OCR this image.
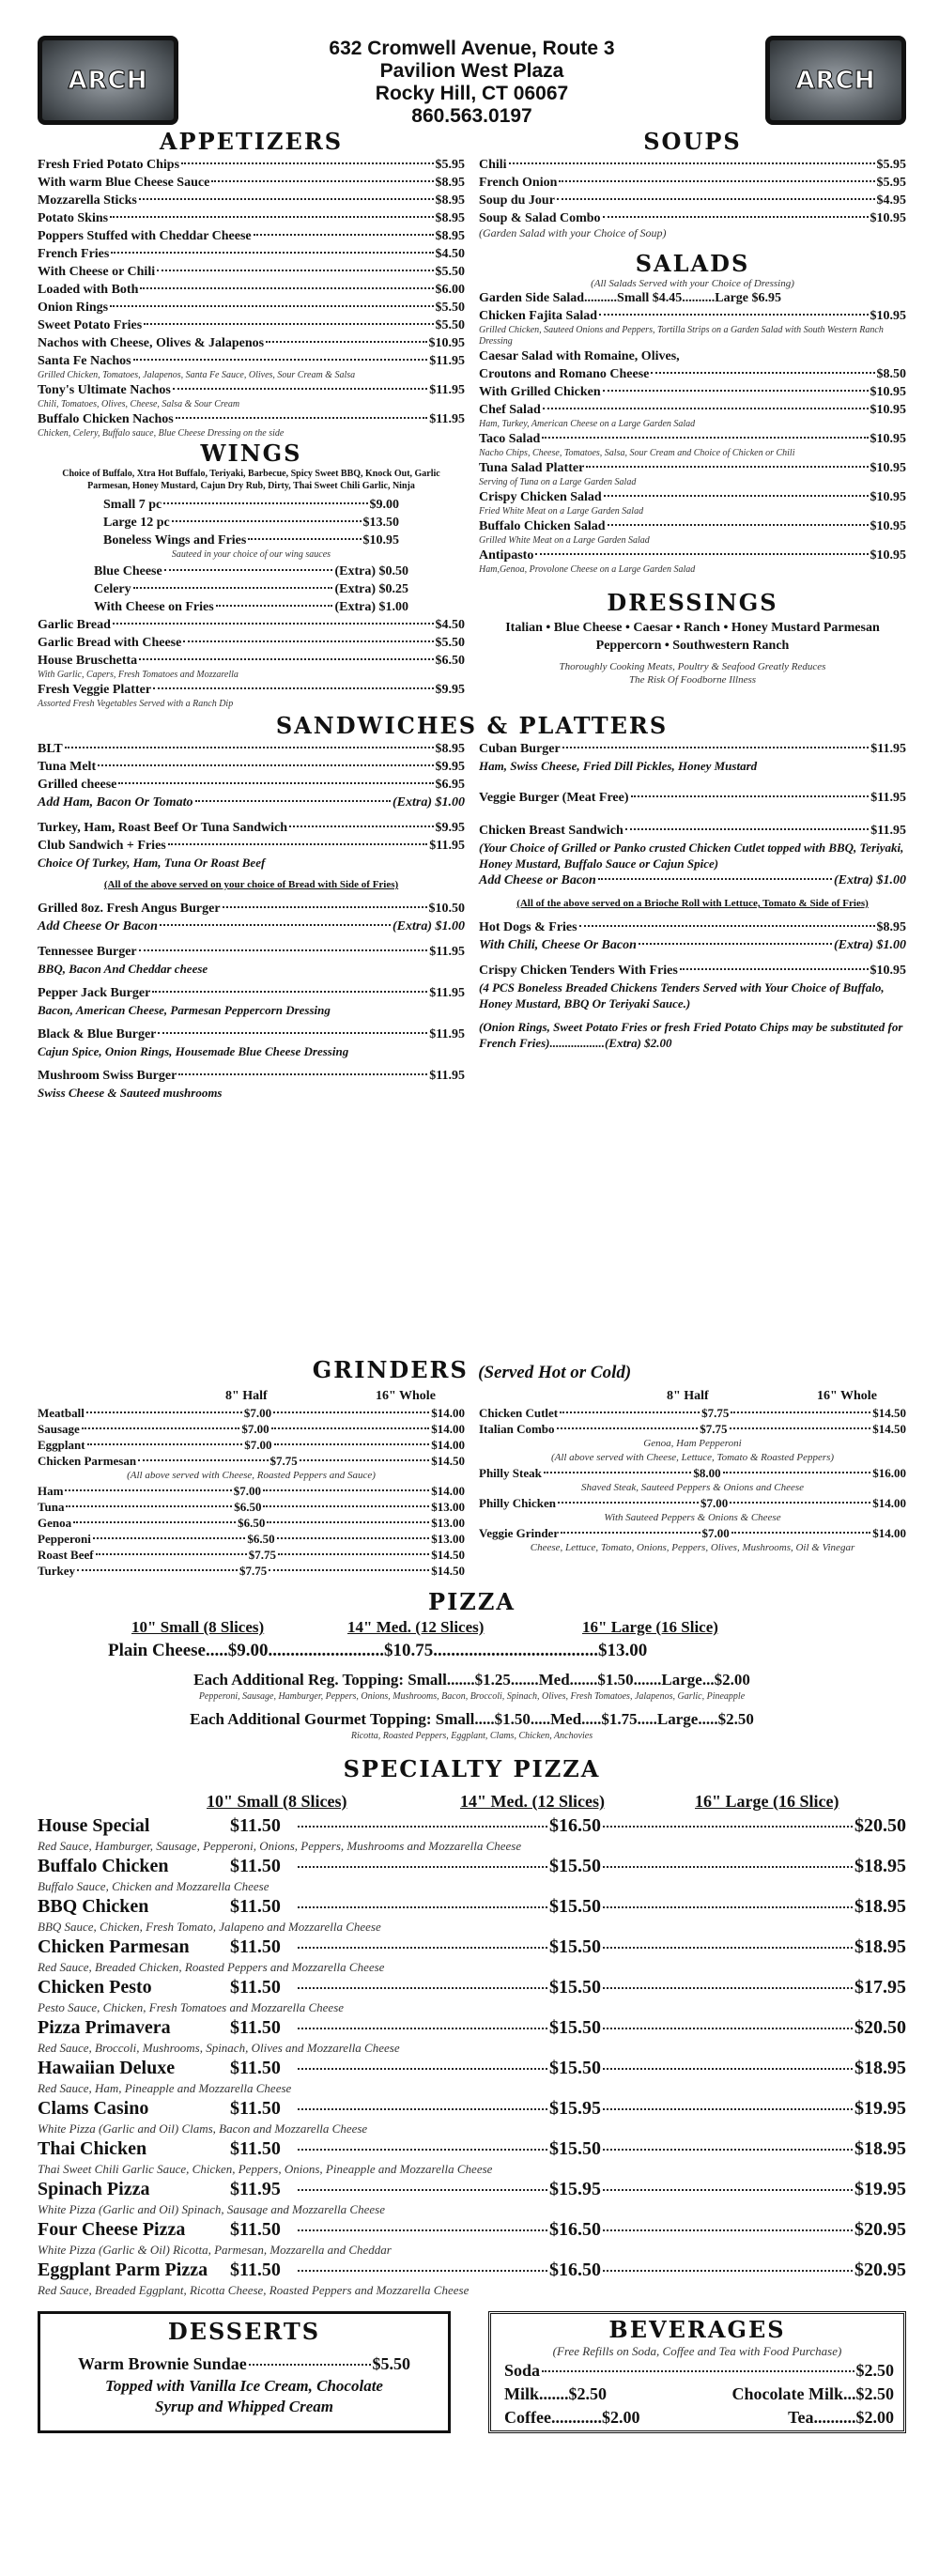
ARCH
632 Cromwell Avenue, Route 3
Pavilion West Plaza
Rocky Hill, CT 06067
860.563.0197
ARCH
APPETIZERS
Fresh Fried Potato Chips	$5.95
With warm Blue Cheese Sauce	$8.95
Mozzarella Sticks	$8.95
Potato Skins	$8.95
Poppers Stuffed with Cheddar Cheese	$8.95
French Fries	$4.50
With Cheese or Chili	$5.50
Loaded with Both	$6.00
Onion Rings	$5.50
Sweet Potato Fries	$5.50
Nachos with Cheese, Olives & Jalapenos	$10.95
Santa Fe Nachos	$11.95
Grilled Chicken, Tomatoes, Jalapenos, Santa Fe Sauce, Olives, Sour Cream & Salsa
Tony's Ultimate Nachos	$11.95
Chili, Tomatoes, Olives, Cheese, Salsa & Sour Cream
Buffalo Chicken Nachos	$11.95
Chicken, Celery, Buffalo sauce, Blue Cheese Dressing on the side
WINGS
Choice of Buffalo, Xtra Hot Buffalo, Teriyaki, Barbecue, Spicy Sweet BBQ, Knock Out, Garlic Parmesan, Honey Mustard, Cajun Dry Rub, Dirty, Thai Sweet Chili Garlic, Ninja
Small 7 pc	$9.00
Large 12 pc	$13.50
Boneless Wings and Fries	$10.95
Sauteed in your choice of our wing sauces
Blue Cheese	(Extra) $0.50
Celery	(Extra) $0.25
With Cheese on Fries	(Extra) $1.00
Garlic Bread	$4.50
Garlic Bread with Cheese	$5.50
House Bruschetta	$6.50
With Garlic, Capers, Fresh Tomatoes and Mozzarella
Fresh Veggie Platter	$9.95
Assorted Fresh Vegetables Served with a Ranch Dip
SOUPS
Chili	$5.95
French Onion	$5.95
Soup du Jour	$4.95
Soup & Salad Combo	$10.95
(Garden Salad with your Choice of Soup)
SALADS
(All Salads Served with your Choice of Dressing)
Garden Side Salad..........Small $4.45..........Large $6.95
Chicken Fajita Salad	$10.95
Grilled Chicken, Sauteed Onions and Peppers, Tortilla Strips on a Garden Salad with South Western Ranch Dressing
Caesar Salad with Romaine, Olives,
Croutons and Romano Cheese	$8.50
With Grilled Chicken	$10.95
Chef Salad	$10.95
Ham, Turkey, American Cheese on a Large Garden Salad
Taco Salad	$10.95
Nacho Chips, Cheese, Tomatoes, Salsa, Sour Cream and Choice of Chicken or Chili
Tuna Salad Platter	$10.95
Serving of Tuna on a Large Garden Salad
Crispy Chicken Salad	$10.95
Fried White Meat on a Large Garden Salad
Buffalo Chicken Salad	$10.95
Grilled White Meat on a Large Garden Salad
Antipasto	$10.95
Ham,Genoa, Provolone Cheese on a Large Garden Salad
DRESSINGS
Italian • Blue Cheese • Caesar • Ranch • Honey Mustard Parmesan Peppercorn • Southwestern Ranch
Thoroughly Cooking Meats, Poultry & Seafood Greatly Reduces The Risk Of Foodborne Illness
SANDWICHES & PLATTERS
BLT	$8.95
Tuna Melt	$9.95
Grilled cheese	$6.95
Add Ham, Bacon Or Tomato	(Extra) $1.00
Turkey, Ham, Roast Beef Or Tuna Sandwich	$9.95
Club Sandwich + Fries	$11.95
Choice Of Turkey, Ham, Tuna Or Roast Beef
(All of the above served on your choice of Bread with Side of Fries)
Grilled 8oz. Fresh Angus Burger	$10.50
Add Cheese Or Bacon	(Extra) $1.00
Tennessee Burger	$11.95
BBQ, Bacon And Cheddar cheese
Pepper Jack Burger	$11.95
Bacon, American Cheese, Parmesan Peppercorn Dressing
Black & Blue Burger	$11.95
Cajun Spice, Onion Rings, Housemade Blue Cheese Dressing
Mushroom Swiss Burger	$11.95
Swiss Cheese & Sauteed mushrooms
Cuban Burger	$11.95
Ham, Swiss Cheese, Fried Dill Pickles, Honey Mustard
Veggie Burger (Meat Free)	$11.95
Chicken Breast Sandwich	$11.95
(Your Choice of Grilled or Panko crusted Chicken Cutlet topped with BBQ, Teriyaki, Honey Mustard, Buffalo Sauce or Cajun Spice)
Add Cheese or Bacon	(Extra) $1.00
(All of the above served on a Brioche Roll with Lettuce, Tomato & Side of Fries)
Hot Dogs & Fries	$8.95
With Chili, Cheese Or Bacon	(Extra) $1.00
Crispy Chicken Tenders With Fries	$10.95
(4 PCS Boneless Breaded Chickens Tenders Served with Your Choice of Buffalo, Honey Mustard, BBQ Or Teriyaki Sauce.)
(Onion Rings, Sweet Potato Fries or fresh Fried Potato Chips may be substituted for French Fries)..................(Extra) $2.00
GRINDERS (Served Hot or Cold)
8" Half	16" Whole
Meatball	$7.00	$14.00
Sausage	$7.00	$14.00
Eggplant	$7.00	$14.00
Chicken Parmesan	$7.75	$14.50
(All above served with Cheese, Roasted Peppers and Sauce)
Ham	$7.00	$14.00
Tuna	$6.50	$13.00
Genoa	$6.50	$13.00
Pepperoni	$6.50	$13.00
Roast Beef	$7.75	$14.50
Turkey	$7.75	$14.50
8" Half	16" Whole
Chicken Cutlet	$7.75	$14.50
Italian Combo	$7.75	$14.50
Genoa, Ham Pepperoni
(All above served with Cheese, Lettuce, Tomato & Roasted Peppers)
Philly Steak	$8.00	$16.00
Shaved Steak, Sauteed Peppers & Onions and Cheese
Philly Chicken	$7.00	$14.00
With Sauteed Peppers & Onions & Cheese
Veggie Grinder	$7.00	$14.00
Cheese, Lettuce, Tomato, Onions, Peppers, Olives, Mushrooms, Oil & Vinegar
PIZZA
10" Small (8 Slices)	14" Med. (12 Slices)	16" Large (16 Slice)
Plain Cheese.....$9.00..........................$10.75.....................................$13.00
Each Additional Reg. Topping: Small.......$1.25.......Med.......$1.50.......Large...$2.00
Pepperoni, Sausage, Hamburger, Peppers, Onions, Mushrooms, Bacon, Broccoli, Spinach, Olives, Fresh Tomatoes, Jalapenos, Garlic, Pineapple
Each Additional Gourmet Topping: Small.....$1.50.....Med.....$1.75.....Large.....$2.50
Ricotta, Roasted Peppers, Eggplant, Clams, Chicken, Anchovies
SPECIALTY PIZZA
10" Small (8 Slices)	14" Med. (12 Slices)	16" Large (16 Slice)
House Special	$11.50	$16.50	$20.50
Red Sauce, Hamburger, Sausage, Pepperoni, Onions, Peppers, Mushrooms and Mozzarella Cheese
Buffalo Chicken	$11.50	$15.50	$18.95
Buffalo Sauce, Chicken and Mozzarella Cheese
BBQ Chicken	$11.50	$15.50	$18.95
BBQ Sauce, Chicken, Fresh Tomato, Jalapeno and Mozzarella Cheese
Chicken Parmesan	$11.50	$15.50	$18.95
Red Sauce, Breaded Chicken, Roasted Peppers and Mozzarella Cheese
Chicken Pesto	$11.50	$15.50	$17.95
Pesto Sauce, Chicken, Fresh Tomatoes and Mozzarella Cheese
Pizza Primavera	$11.50	$15.50	$20.50
Red Sauce, Broccoli, Mushrooms, Spinach, Olives and Mozzarella Cheese
Hawaiian Deluxe	$11.50	$15.50	$18.95
Red Sauce, Ham, Pineapple and Mozzarella Cheese
Clams Casino	$11.50	$15.95	$19.95
White Pizza (Garlic and Oil) Clams, Bacon and Mozzarella Cheese
Thai Chicken	$11.50	$15.50	$18.95
Thai Sweet Chili Garlic Sauce, Chicken, Peppers, Onions, Pineapple and Mozzarella Cheese
Spinach Pizza	$11.95	$15.95	$19.95
White Pizza (Garlic and Oil) Spinach, Sausage and Mozzarella Cheese
Four Cheese Pizza	$11.50	$16.50	$20.95
White Pizza (Garlic & Oil) Ricotta, Parmesan, Mozzarella and Cheddar
Eggplant Parm Pizza	$11.50	$16.50	$20.95
Red Sauce, Breaded Eggplant, Ricotta Cheese, Roasted Peppers and Mozzarella Cheese
DESSERTS
Warm Brownie Sundae	$5.50
Topped with Vanilla Ice Cream, Chocolate Syrup and Whipped Cream
BEVERAGES
(Free Refills on Soda, Coffee and Tea with Food Purchase)
Soda	$2.50
Milk.......$2.50	Chocolate Milk...$2.50
Coffee............$2.00	Tea..........$2.00
